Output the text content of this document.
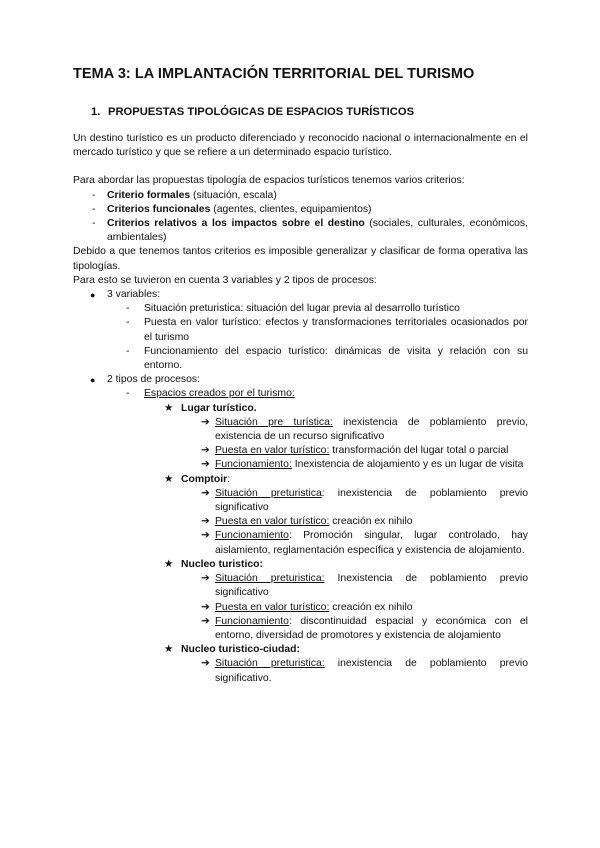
TEMA 3: LA IMPLANTACIÓN TERRITORIAL DEL TURISMO
1. PROPUESTAS TIPOLÓGICAS DE ESPACIOS TURÍSTICOS

Un destino turístico es un producto diferenciado y reconocido nacional o internacionalmente en el mercado turístico y que se refiere a un determinado espacio turístico.

Para abordar las propuestas tipología de espacios turísticos tenemos varios criterios:

- Criterio formales (situación, escala)
- Criterios funcionales (agentes, clientes, equipamientos)
- Criterios relativos a los impactos sobre el destino (sociales, culturales, económicos, ambientales)

Debido a que tenemos tantos criterios es imposible generalizar y clasificar de forma operativa las tipologías.

Para esto se tuvieron en cuenta 3 variables y 2 tipos de procesos:

● 3 variables:
- Situación preturistica: situación del lugar previa al desarrollo turístico
- Puesta en valor turístico: efectos y transformaciones territoriales ocasionados por el turismo
- Funcionamiento del espacio turístico: dinámicas de visita y relación con su entorno.
● 2 tipos de procesos:
- Espacios creados por el turismo:
★ Lugar turístico.
➔ Situación pre turística: inexistencia de poblamiento previo, existencia de un recurso significativo
➔ Puesta en valor turístico: transformación del lugar total o parcial
➔ Funcionamiento: Inexistencia de alojamiento y es un lugar de visita
★ Comptoir:
➔ Situación preturistica: inexistencia de poblamiento previo significativo
➔ Puesta en valor turístico: creación ex nihilo
➔ Funcionamiento: Promoción singular, lugar controlado, hay aislamiento, reglamentación específica y existencia de alojamiento.
★ Nucleo turistico:
➔ Situación preturistica: Inexistencia de poblamiento previo significativo
➔ Puesta en valor turístico: creación ex nihilo
➔ Funcionamiento: discontinuidad espacial y económica con el entorno, diversidad de promotores y existencia de alojamiento
★ Nucleo turistico-ciudad:
➔ Situación preturistica: inexistencia de poblamiento previo significativo.
